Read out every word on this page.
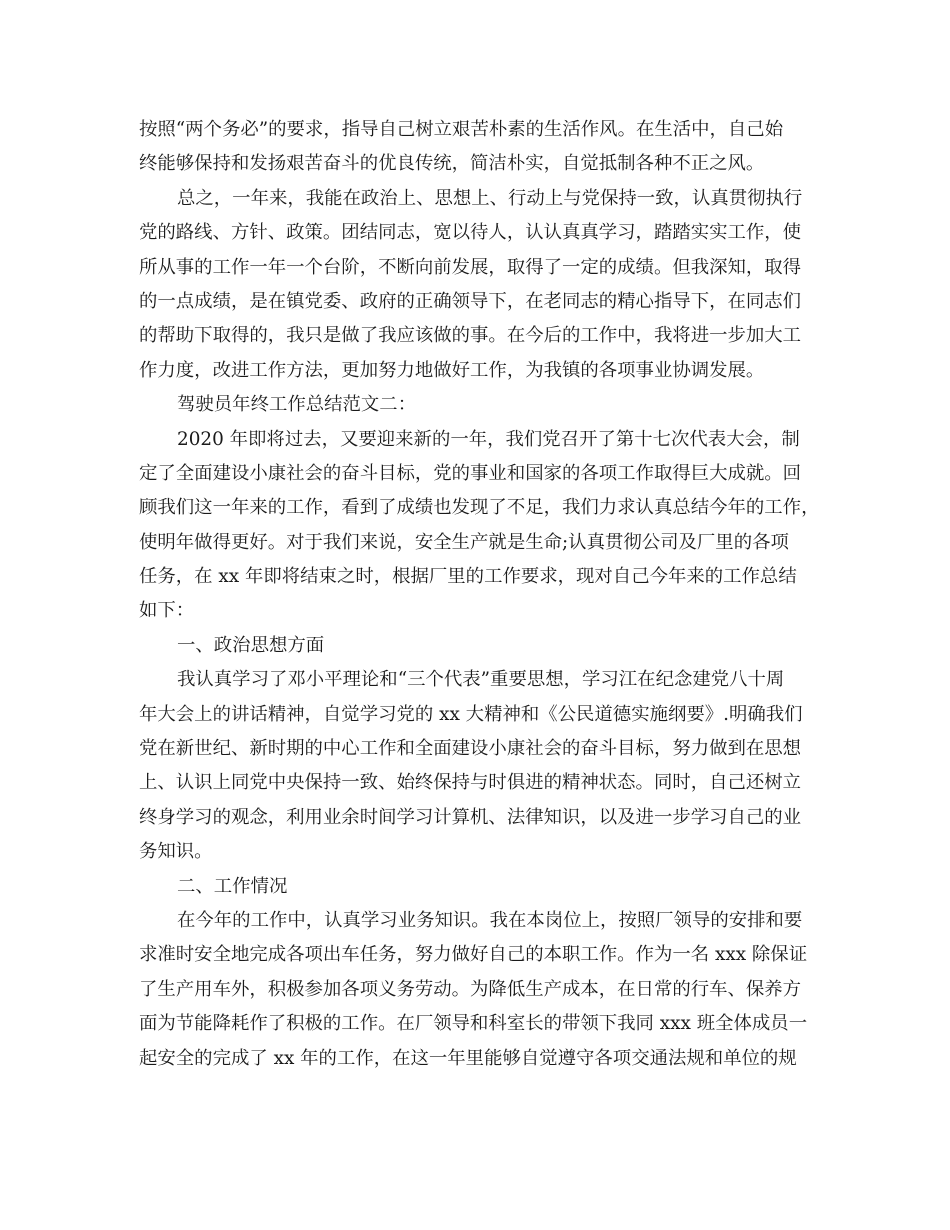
按照“两个务必”的要求，指导自己树立艰苦朴素的生活作风。在生活中，自己始
终能够保持和发扬艰苦奋斗的优良传统，简洁朴实，自觉抵制各种不正之风。
总之，一年来，我能在政治上、思想上、行动上与党保持一致，认真贯彻执行
党的路线、方针、政策。团结同志，宽以待人，认认真真学习，踏踏实实工作，使
所从事的工作一年一个台阶，不断向前发展，取得了一定的成绩。但我深知，取得
的一点成绩，是在镇党委、政府的正确领导下，在老同志的精心指导下，在同志们
的帮助下取得的，我只是做了我应该做的事。在今后的工作中，我将进一步加大工
作力度，改进工作方法，更加努力地做好工作，为我镇的各项事业协调发展。
驾驶员年终工作总结范文二：
2020 年即将过去，又要迎来新的一年，我们党召开了第十七次代表大会，制
定了全面建设小康社会的奋斗目标，党的事业和国家的各项工作取得巨大成就。回
顾我们这一年来的工作，看到了成绩也发现了不足，我们力求认真总结今年的工作，
使明年做得更好。对于我们来说，安全生产就是生命;认真贯彻公司及厂里的各项
任务，在 xx 年即将结束之时，根据厂里的工作要求，现对自己今年来的工作总结
如下：
一、政治思想方面
我认真学习了邓小平理论和“三个代表”重要思想，学习江在纪念建党八十周
年大会上的讲话精神，自觉学习党的 xx 大精神和《公民道德实施纲要》.明确我们
党在新世纪、新时期的中心工作和全面建设小康社会的奋斗目标，努力做到在思想
上、认识上同党中央保持一致、始终保持与时俱进的精神状态。同时，自己还树立
终身学习的观念，利用业余时间学习计算机、法律知识，以及进一步学习自己的业
务知识。
二、工作情况
在今年的工作中，认真学习业务知识。我在本岗位上，按照厂领导的安排和要
求准时安全地完成各项出车任务，努力做好自己的本职工作。作为一名 xxx 除保证
了生产用车外，积极参加各项义务劳动。为降低生产成本，在日常的行车、保养方
面为节能降耗作了积极的工作。在厂领导和科室长的带领下我同 xxx 班全体成员一
起安全的完成了 xx 年的工作，在这一年里能够自觉遵守各项交通法规和单位的规
